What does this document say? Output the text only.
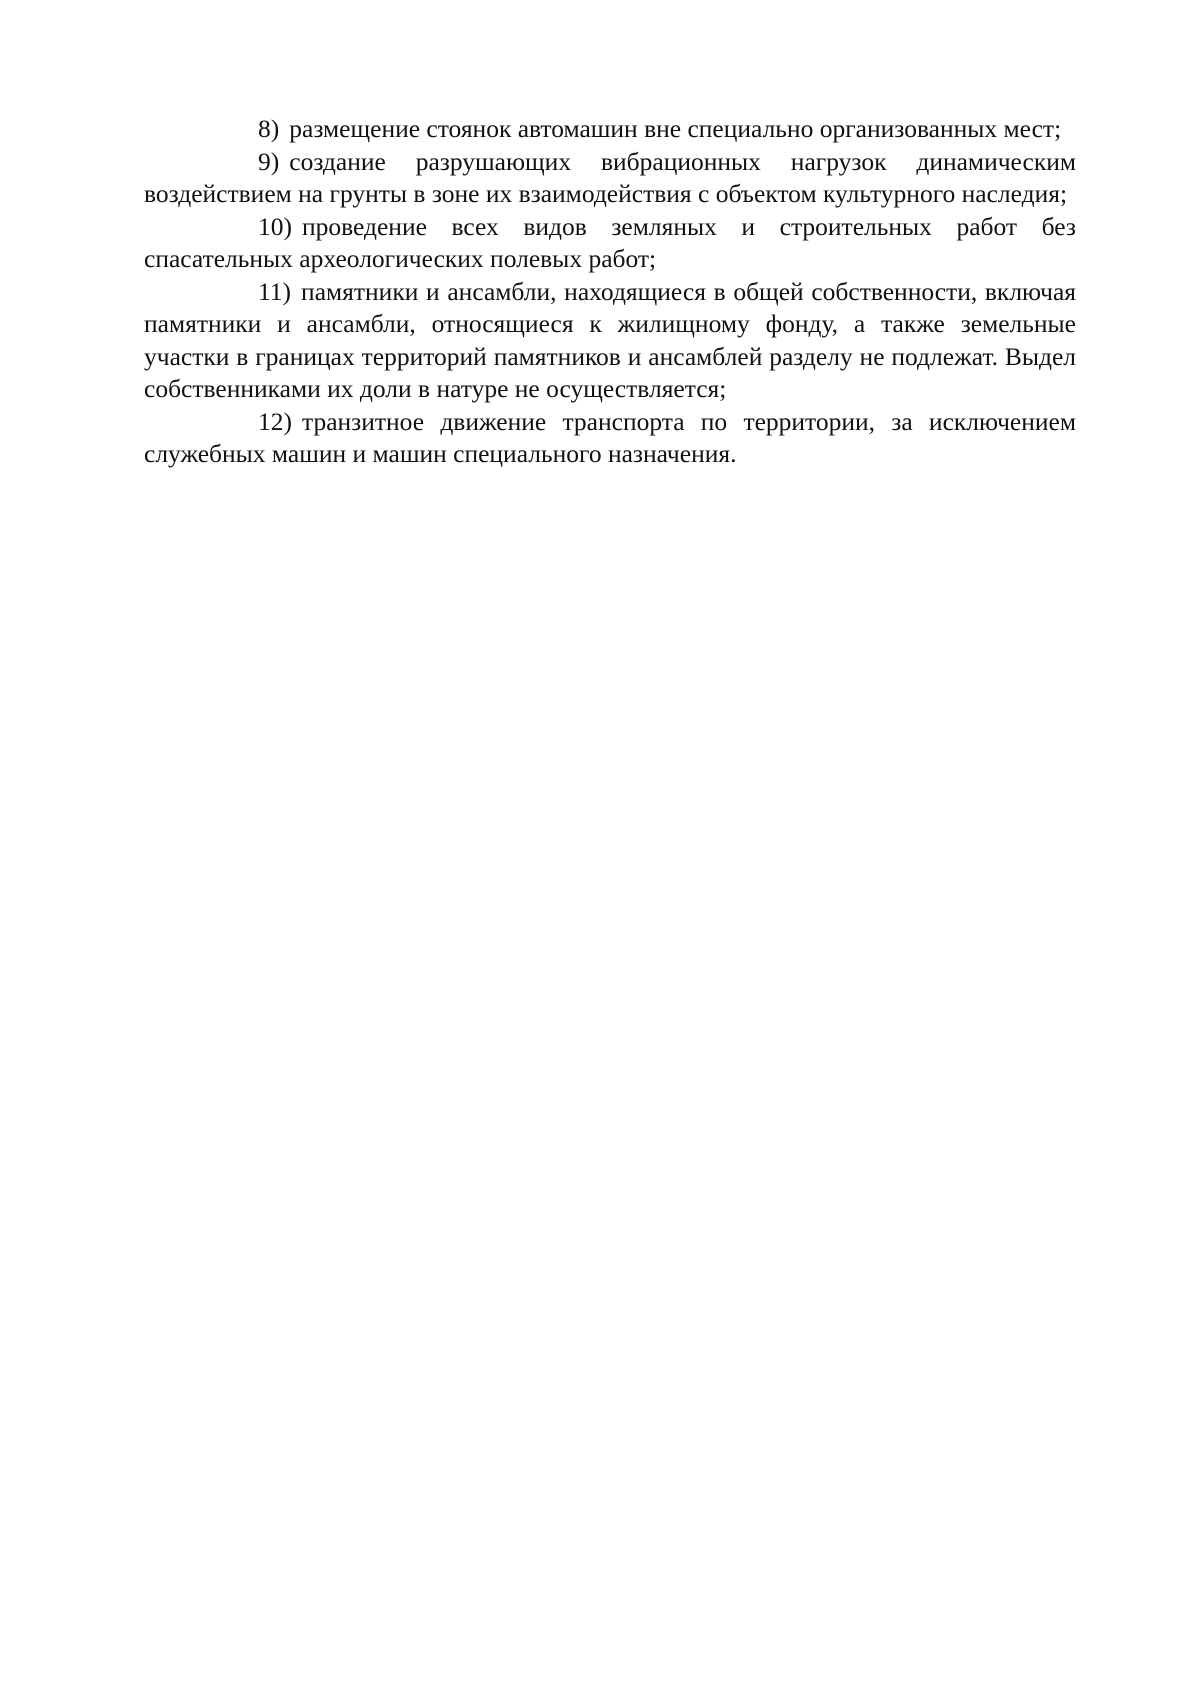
8) размещение стоянок автомашин вне специально организованных мест;

9) создание разрушающих вибрационных нагрузок динамическим воздействием на грунты в зоне их взаимодействия с объектом культурного наследия;

10) проведение всех видов земляных и строительных работ без спасательных археологических полевых работ;

11) памятники и ансамбли, находящиеся в общей собственности, включая памятники и ансамбли, относящиеся к жилищному фонду, а также земельные участки в границах территорий памятников и ансамблей разделу не подлежат. Выдел собственниками их доли в натуре не осуществляется;

12) транзитное движение транспорта по территории, за исключением служебных машин и машин специального назначения.
